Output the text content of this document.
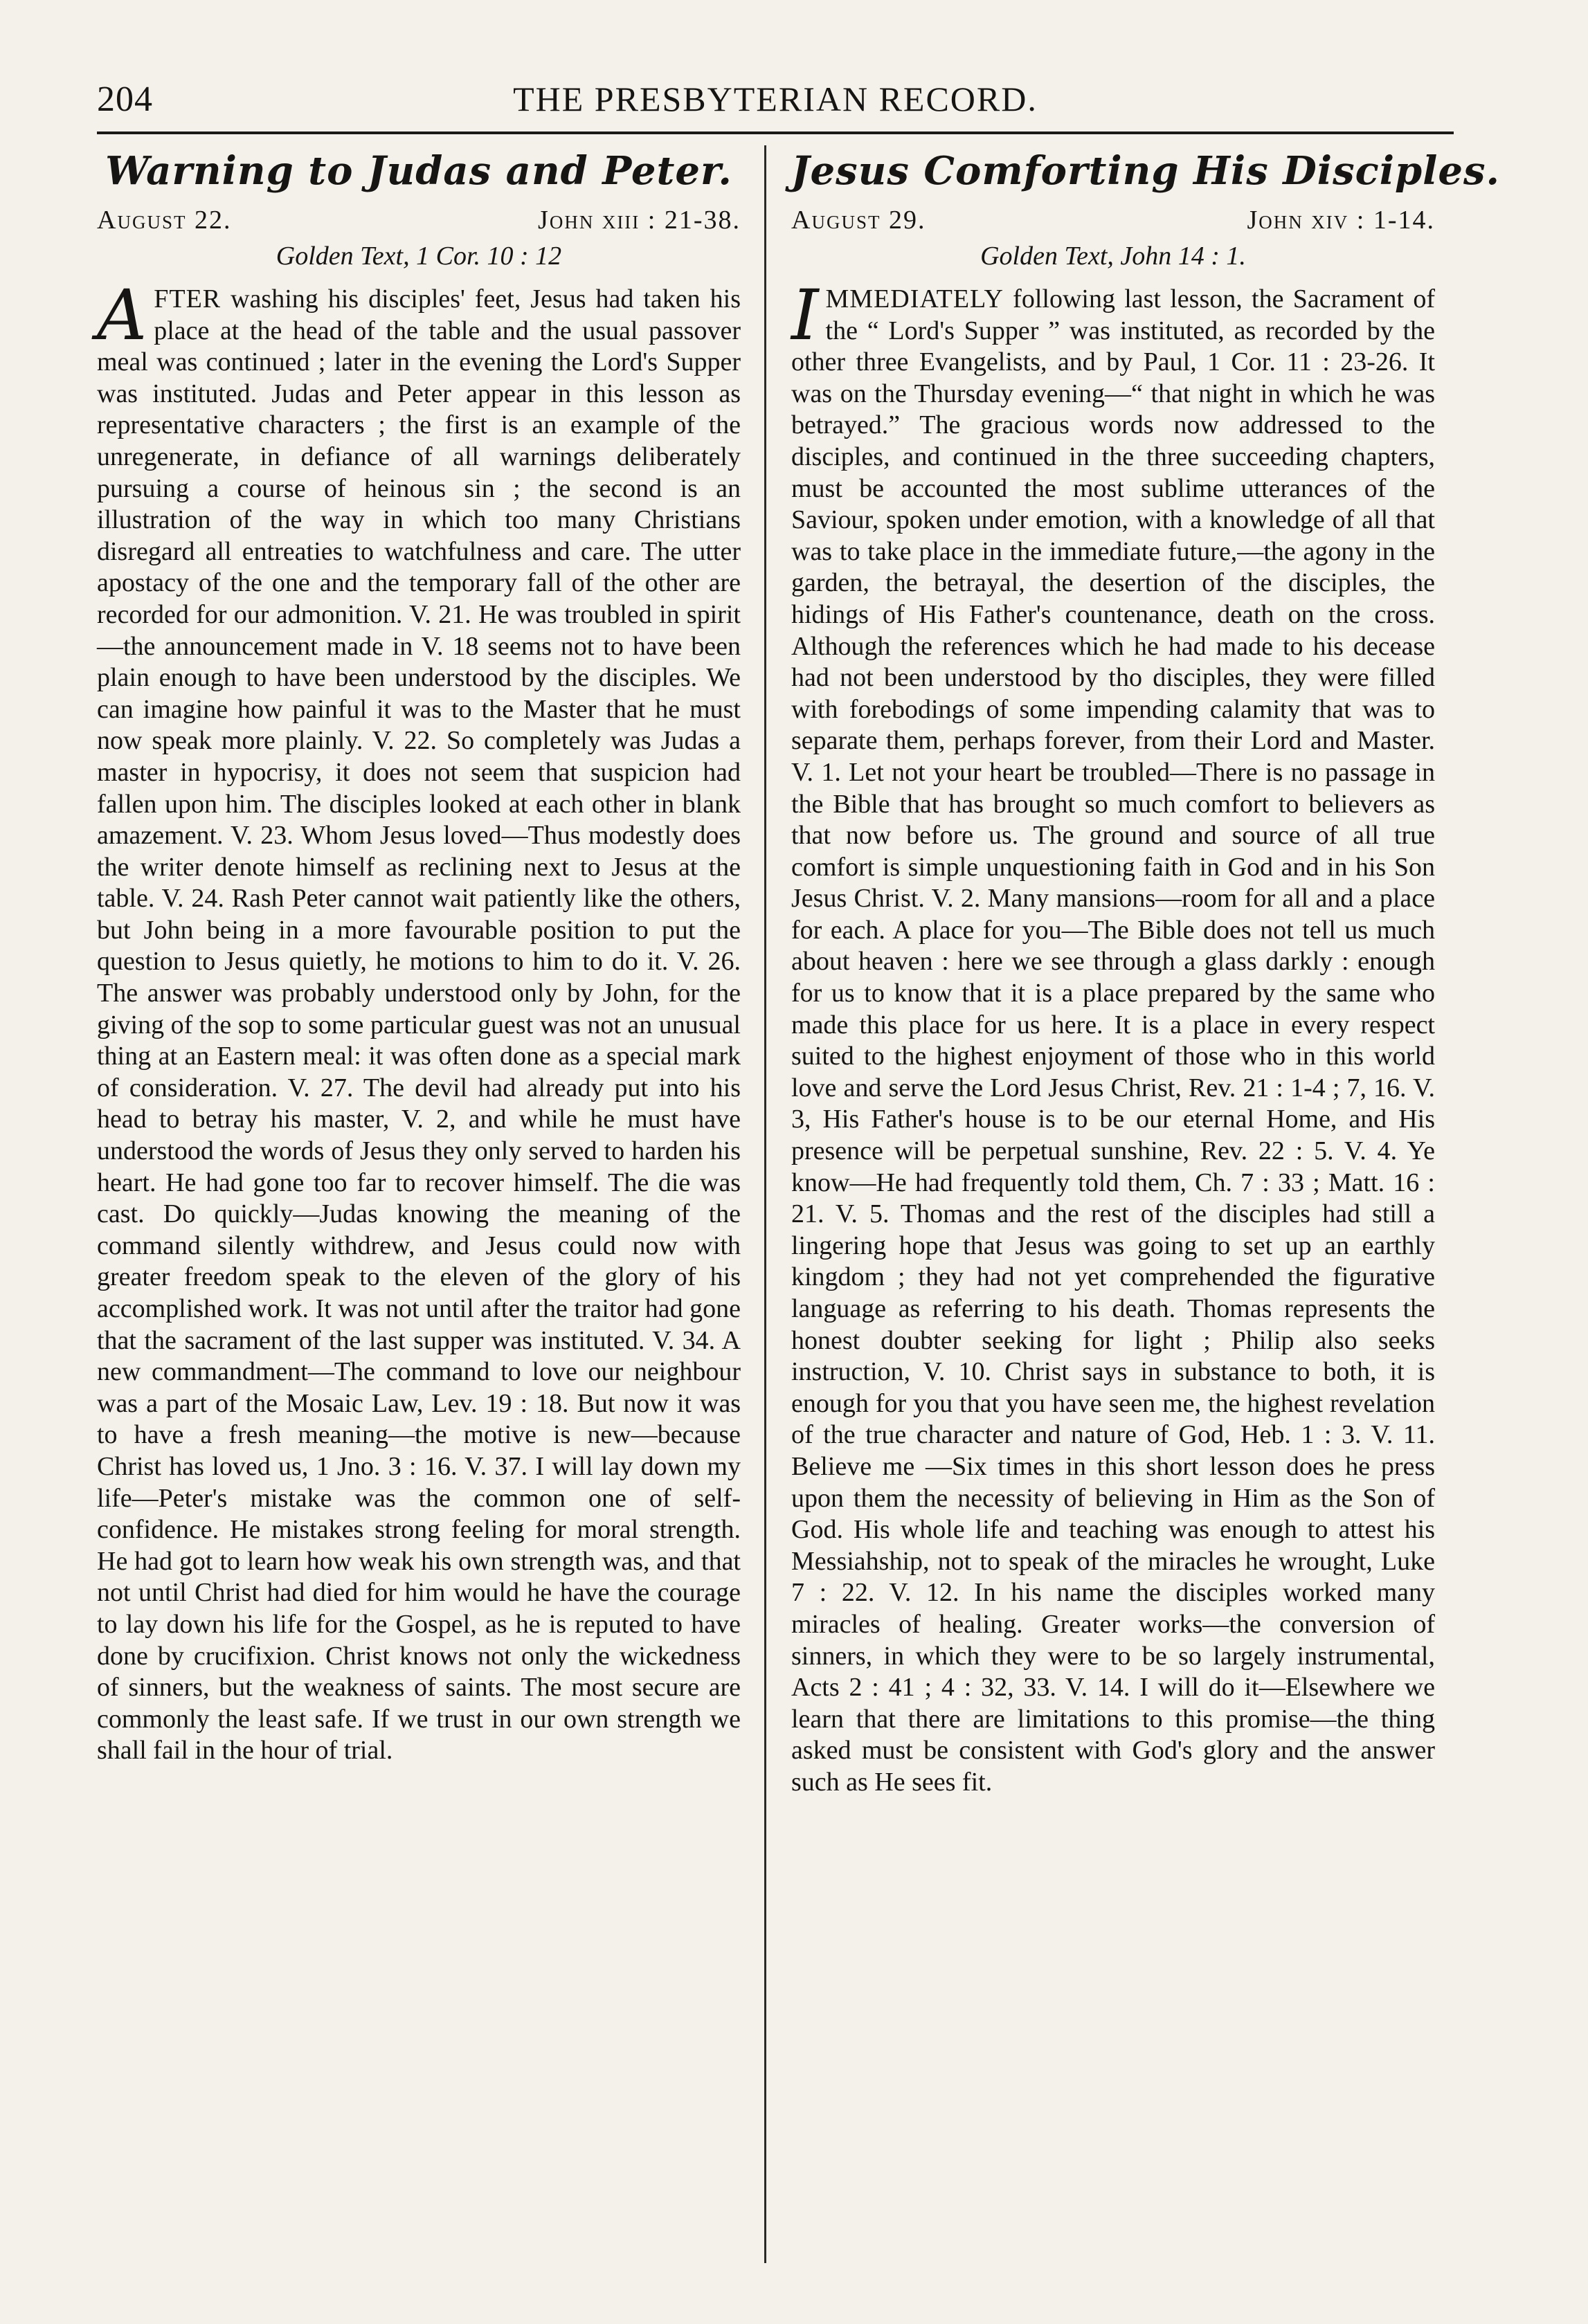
204	THE PRESBYTERIAN RECORD.
Warning to Judas and Peter.
August 22.	John xiii : 21-38.
Golden Text, 1 Cor. 10 : 12
AFTER washing his disciples' feet, Jesus had taken his place at the head of the table and the usual passover meal was continued ; later in the evening the Lord's Supper was instituted. Judas and Peter appear in this lesson as representative characters ; the first is an example of the unregenerate, in defiance of all warnings deliberately pursuing a course of heinous sin ; the second is an illustration of the way in which too many Christians disregard all entreaties to watchfulness and care. The utter apostacy of the one and the temporary fall of the other are recorded for our admonition. V. 21. He was troubled in spirit —the announcement made in V. 18 seems not to have been plain enough to have been understood by the disciples. We can imagine how painful it was to the Master that he must now speak more plainly. V. 22. So completely was Judas a master in hypocrisy, it does not seem that suspicion had fallen upon him. The disciples looked at each other in blank amazement. V. 23. Whom Jesus loved—Thus modestly does the writer denote himself as reclining next to Jesus at the table. V. 24. Rash Peter cannot wait patiently like the others, but John being in a more favourable position to put the question to Jesus quietly, he motions to him to do it. V. 26. The answer was probably understood only by John, for the giving of the sop to some particular guest was not an unusual thing at an Eastern meal: it was often done as a special mark of consideration. V. 27. The devil had already put into his head to betray his master, V. 2, and while he must have understood the words of Jesus they only served to harden his heart. He had gone too far to recover himself. The die was cast. Do quickly—Judas knowing the meaning of the command silently withdrew, and Jesus could now with greater freedom speak to the eleven of the glory of his accomplished work. It was not until after the traitor had gone that the sacrament of the last supper was instituted. V. 34. A new commandment—The command to love our neighbour was a part of the Mosaic Law, Lev. 19 : 18. But now it was to have a fresh meaning—the motive is new—because Christ has loved us, 1 Jno. 3 : 16. V. 37. I will lay down my life—Peter's mistake was the common one of self-confidence. He mistakes strong feeling for moral strength. He had got to learn how weak his own strength was, and that not until Christ had died for him would he have the courage to lay down his life for the Gospel, as he is reputed to have done by crucifixion. Christ knows not only the wickedness of sinners, but the weakness of saints. The most secure are commonly the least safe. If we trust in our own strength we shall fail in the hour of trial.
Jesus Comforting His Disciples.
August 29.	John xiv : 1-14.
Golden Text, John 14 : 1.
IMMEDIATELY following last lesson, the Sacrament of the “ Lord's Supper ” was instituted, as recorded by the other three Evangelists, and by Paul, 1 Cor. 11 : 23-26. It was on the Thursday evening—“ that night in which he was betrayed.” The gracious words now addressed to the disciples, and continued in the three succeeding chapters, must be accounted the most sublime utterances of the Saviour, spoken under emotion, with a knowledge of all that was to take place in the immediate future,—the agony in the garden, the betrayal, the desertion of the disciples, the hidings of His Father's countenance, death on the cross. Although the references which he had made to his decease had not been understood by tho disciples, they were filled with forebodings of some impending calamity that was to separate them, perhaps forever, from their Lord and Master. V. 1. Let not your heart be troubled—There is no passage in the Bible that has brought so much comfort to believers as that now before us. The ground and source of all true comfort is simple unquestioning faith in God and in his Son Jesus Christ. V. 2. Many mansions—room for all and a place for each. A place for you—The Bible does not tell us much about heaven : here we see through a glass darkly : enough for us to know that it is a place prepared by the same who made this place for us here. It is a place in every respect suited to the highest enjoyment of those who in this world love and serve the Lord Jesus Christ, Rev. 21 : 1-4 ; 7, 16. V. 3, His Father's house is to be our eternal Home, and His presence will be perpetual sunshine, Rev. 22 : 5. V. 4. Ye know—He had frequently told them, Ch. 7 : 33 ; Matt. 16 : 21. V. 5. Thomas and the rest of the disciples had still a lingering hope that Jesus was going to set up an earthly kingdom ; they had not yet comprehended the figurative language as referring to his death. Thomas represents the honest doubter seeking for light ; Philip also seeks instruction, V. 10. Christ says in substance to both, it is enough for you that you have seen me, the highest revelation of the true character and nature of God, Heb. 1 : 3. V. 11. Believe me —Six times in this short lesson does he press upon them the necessity of believing in Him as the Son of God. His whole life and teaching was enough to attest his Messiahship, not to speak of the miracles he wrought, Luke 7 : 22. V. 12. In his name the disciples worked many miracles of healing. Greater works—the conversion of sinners, in which they were to be so largely instrumental, Acts 2 : 41 ; 4 : 32, 33. V. 14. I will do it—Elsewhere we learn that there are limitations to this promise—the thing asked must be consistent with God's glory and the answer such as He sees fit.
